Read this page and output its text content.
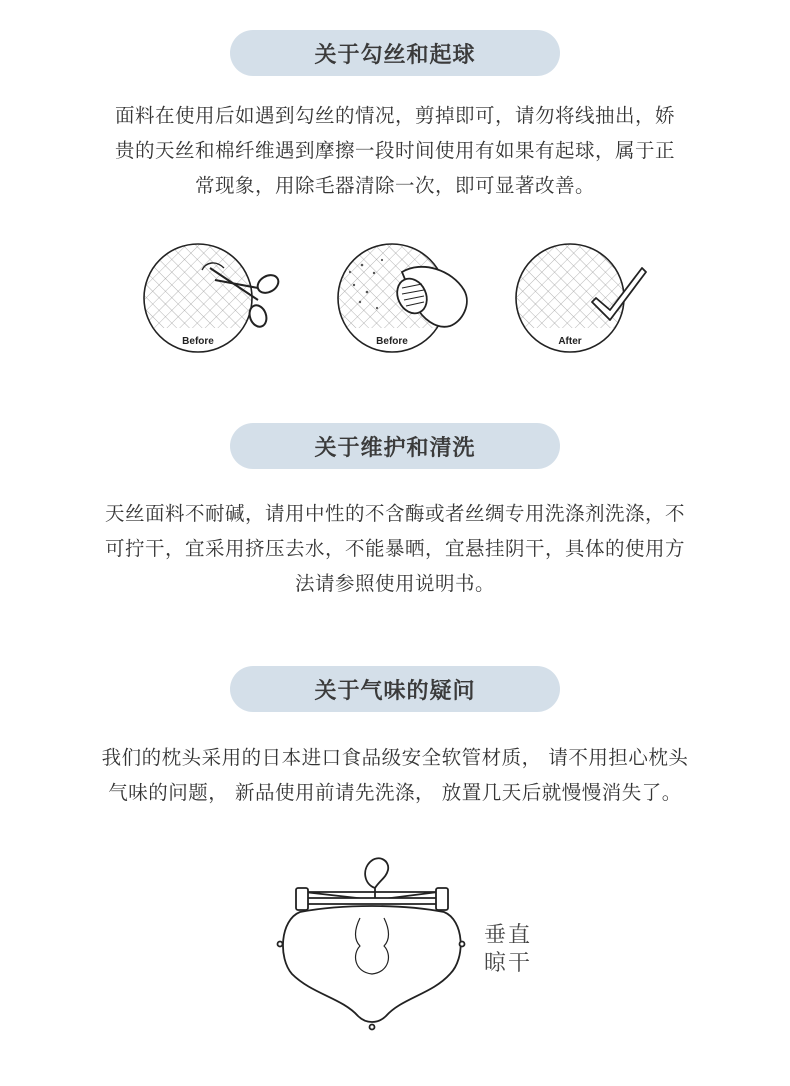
关于勾丝和起球
面料在使用后如遇到勾丝的情况，剪掉即可，请勿将线抽出，娇
贵的天丝和棉纤维遇到摩擦一段时间使用有如果有起球，属于正
常现象，用除毛器清除一次，即可显著改善。
Before	Before	After
关于维护和清洗
天丝面料不耐碱，请用中性的不含酶或者丝绸专用洗涤剂洗涤，不
可拧干，宜采用挤压去水，不能暴晒，宜悬挂阴干，具体的使用方
法请参照使用说明书。
关于气味的疑问
我们的枕头采用的日本进口食品级安全软管材质， 请不用担心枕头
气味的问题， 新品使用前请先洗涤， 放置几天后就慢慢消失了。
垂直
晾干
